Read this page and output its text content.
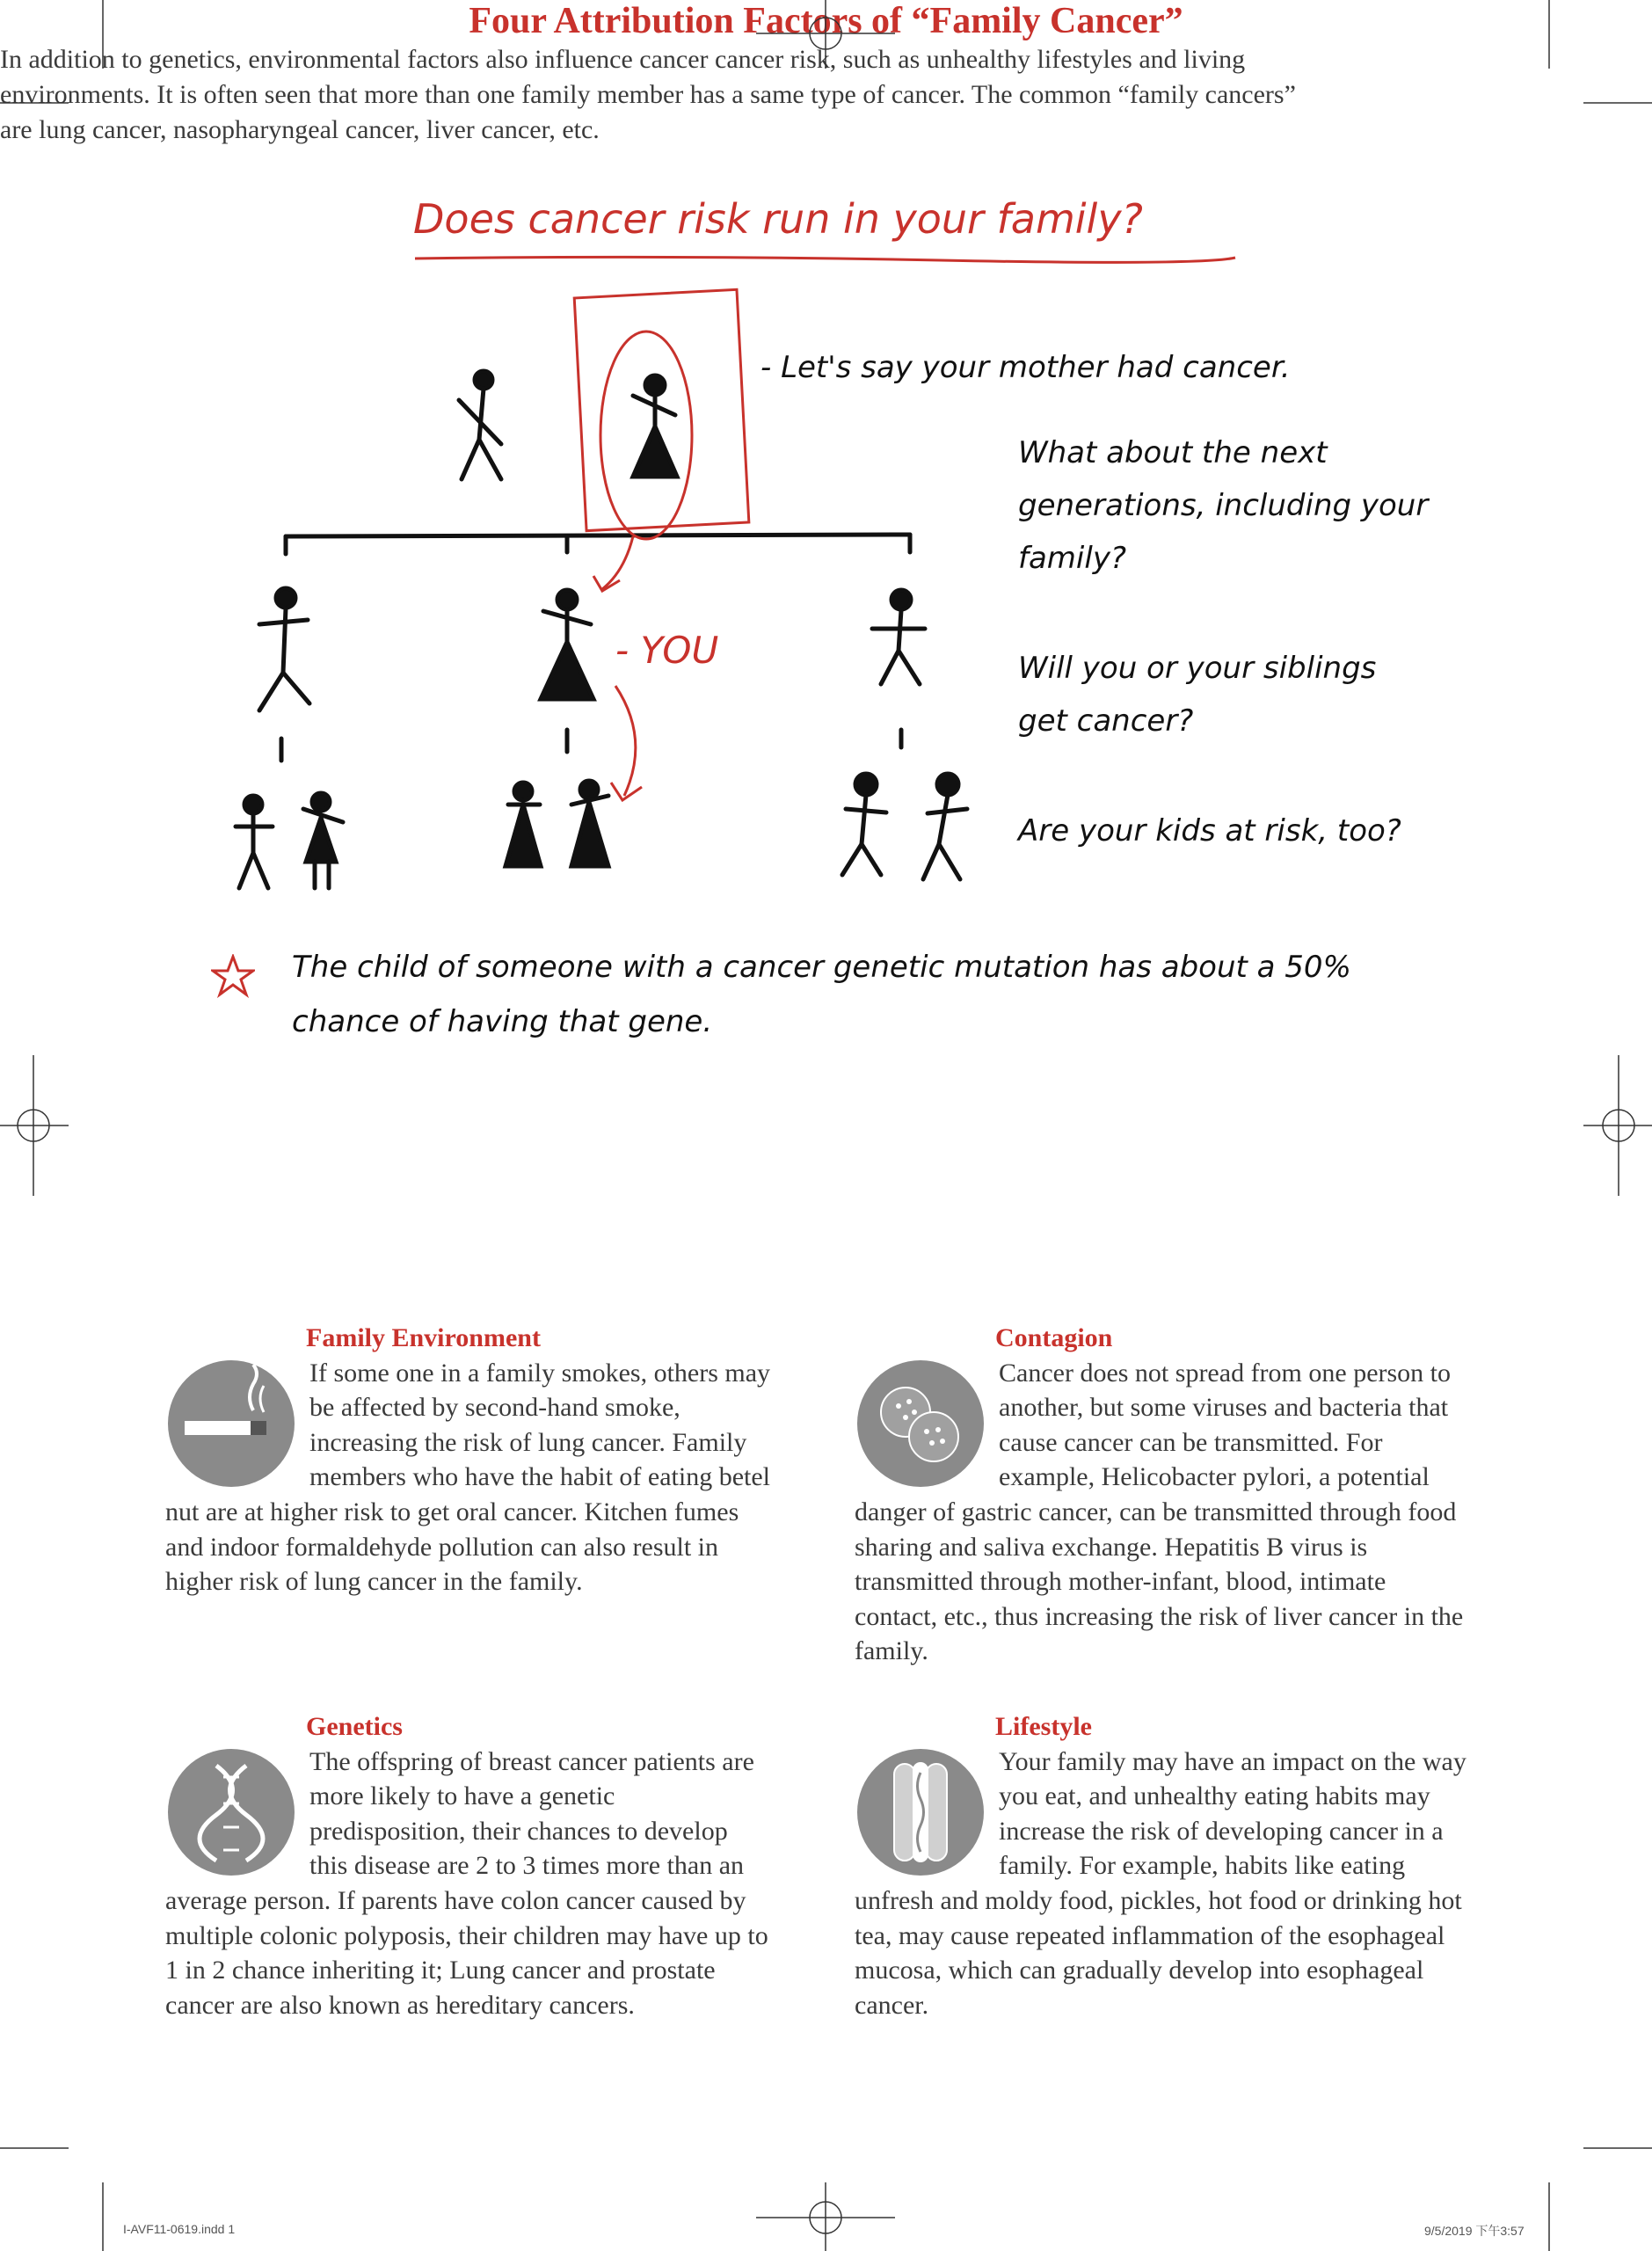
Does cancer risk run in your family?
- YOU
- Let's say your mother had cancer.
What about the next
generations, including your
family?
Will you or your siblings
get cancer?
Are your kids at risk, too?
The child of someone with a cancer genetic mutation has about a 50%
chance of having that gene.
Four Attribution Factors of “Family Cancer”
In addition to genetics, environmental factors also influence cancer cancer risk, such as unhealthy lifestyles and living environments. It is often seen that more than one family member has a same type of cancer. The common “family cancers” are lung cancer, nasopharyngeal cancer, liver cancer, etc.
Family Environment
If some one in a family smokes, others may be affected by second-hand smoke, increasing the risk of lung cancer. Family members who have the habit of eating betel nut are at higher risk to get oral cancer. Kitchen fumes and indoor formaldehyde pollution can also result in higher risk of lung cancer in the family.
Contagion
Cancer does not spread from one person to another, but some viruses and bacteria that cause cancer can be transmitted. For example, Helicobacter pylori, a potential danger of gastric cancer, can be transmitted through food sharing and saliva exchange. Hepatitis B virus is transmitted through mother-infant, blood, intimate contact, etc., thus increasing the risk of liver cancer in the family.
Genetics
The offspring of breast cancer patients are more likely to have a genetic predisposition, their chances to develop this disease are 2 to 3 times more than an average person. If parents have colon cancer caused by multiple colonic polyposis, their children may have up to 1 in 2 chance inheriting it; Lung cancer and prostate cancer are also known as hereditary cancers.
Lifestyle
Your family may have an impact on the way you eat, and unhealthy eating habits may increase the risk of developing cancer in a family. For example, habits like eating unfresh and moldy food, pickles, hot food or drinking hot tea, may cause repeated inflammation of the esophageal mucosa, which can gradually develop into esophageal cancer.
I-AVF11-0619.indd 1	9/5/2019 下午3:57
